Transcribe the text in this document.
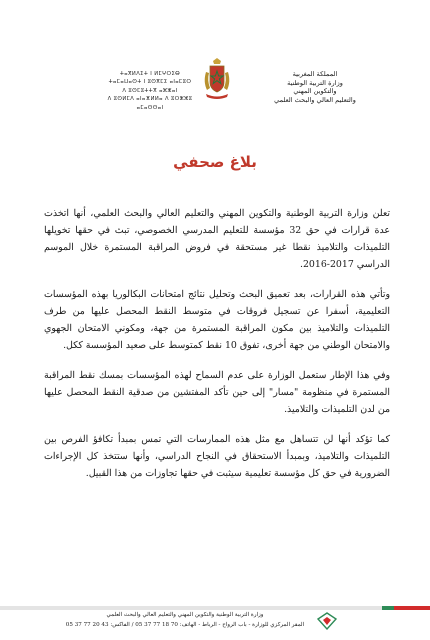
المملكة المغربية
وزارة التربية الوطنية
والتكوين المهني
والتعليم العالي والبحث العلمي
ⵜⴰⴳⵍⴷⵉⵜ ⵏ ⵍⵎⵖⵔⵉⴱ
ⵜⴰⵎⴰⵡⴰⵙⵜ ⵏ ⵓⵙⴳⵎⵉ ⴰⵏⴰⵎⵓⵔ
ⴷ ⵓⵙⵎⵓⵜⵜⴳ ⴰⵣⵣⴰⵏ
ⴷ ⵓⵙⵍⵎⴷ ⴰⵏⴰⴼⵍⵍⴰ ⴷ ⵓⵔⵣⵣⵓ ⴰⵎⴰⵙⵙⴰⵏ
بلاغ صحفي

تعلن وزارة التربية الوطنية والتكوين المهني والتعليم العالي والبحث العلمي، أنها اتخذت عدة قرارات في حق 32 مؤسسة للتعليم المدرسي الخصوصي، تبث في حقها تخويلها التلميذات والتلاميذ نقطا غير مستحقة في فروض المراقبة المستمرة خلال الموسم الدراسي 2017-2016.

وتأتي هذه القرارات، بعد تعميق البحث وتحليل نتائج امتحانات البكالوريا بهذه المؤسسات التعليمية، أسفرا عن تسجيل فروقات في متوسط النقط المحصل عليها من طرف التلميذات والتلاميذ بين مكون المراقبة المستمرة من جهة، ومكوني الامتحان الجهوي والامتحان الوطني من جهة أخرى، تفوق 10 نقط كمتوسط على صعيد المؤسسة ككل.

وفي هذا الإطار ستعمل الوزارة على عدم السماح لهذه المؤسسات بمسك نقط المراقبة المستمرة في منظومة "مسار" إلى حين تأكد المفتشين من صدقية النقط المحصل عليها من لدن التلميذات والتلاميذ.

كما تؤكد أنها لن تتساهل مع مثل هذه الممارسات التي تمس بمبدأ تكافؤ الفرص بين التلميذات والتلاميذ، وبمبدأ الاستحقاق في النجاح الدراسي، وأنها ستتخذ كل الإجراءات الضرورية في حق كل مؤسسة تعليمية سيثبت في حقها تجاوزات من هذا القبيل.

وزارة التربية الوطنية والتكوين المهني والتعليم العالي والبحث العلمي
المقر المركزي للوزارة - باب الرواح - الرباط - الهاتف: 70 18 77 37 05 / الفاكس: 43 20 77 37 05
